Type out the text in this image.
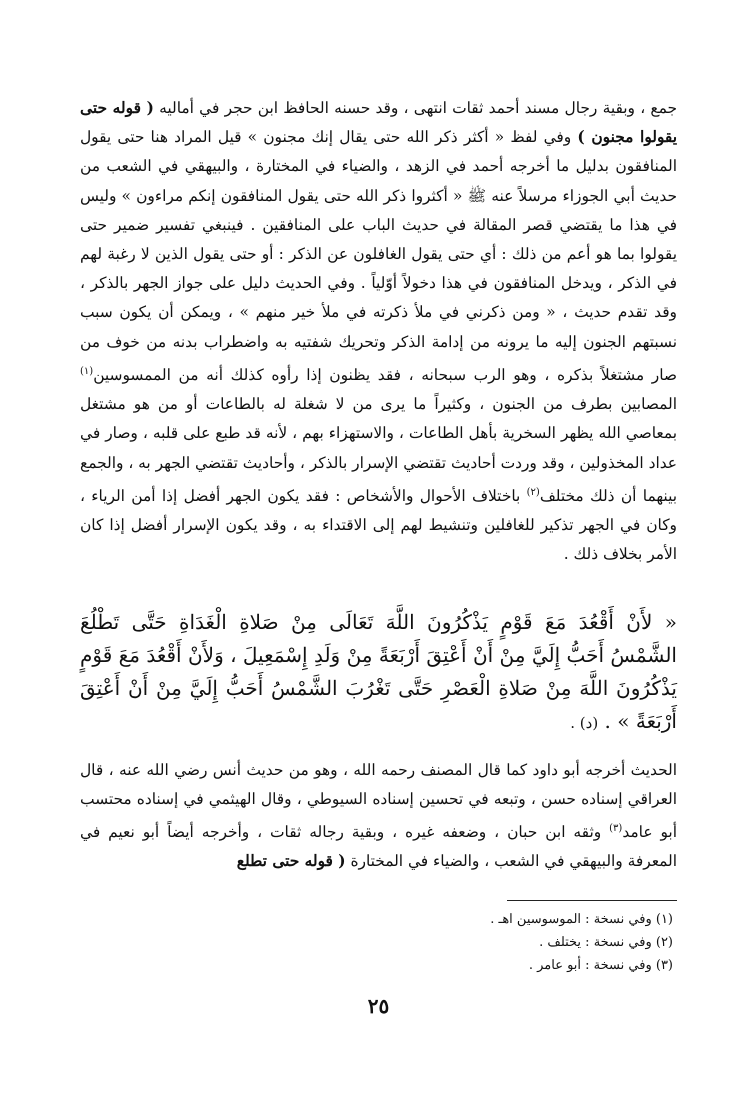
جمع ، وبقية رجال مسند أحمد ثقات انتهى ، وقد حسنه الحافظ ابن حجر في أماليه ( قوله حتى يقولوا مجنون ) وفي لفظ « أكثر ذكر الله حتى يقال إنك مجنون » قيل المراد هنا حتى يقول المنافقون بدليل ما أخرجه أحمد في الزهد ، والضياء في المختارة ، والبيهقي في الشعب من حديث أبي الجوزاء مرسلاً عنه ﷺ « أكثروا ذكر الله حتى يقول المنافقون إنكم مراءون » وليس في هذا ما يقتضي قصر المقالة في حديث الباب على المنافقين . فينبغي تفسير ضمير حتى يقولوا بما هو أعم من ذلك : أي حتى يقول الغافلون عن الذكر : أو حتى يقول الذين لا رغبة لهم في الذكر ، ويدخل المنافقون في هذا دخولاً أوّلياً . وفي الحديث دليل على جواز الجهر بالذكر ، وقد تقدم حديث ، « ومن ذكرني في ملأ ذكرته في ملأ خير منهم » ، ويمكن أن يكون سبب نسبتهم الجنون إليه ما يرونه من إدامة الذكر وتحريك شفتيه به واضطراب بدنه من خوف من صار مشتغلاً بذكره ، وهو الرب سبحانه ، فقد يظنون إذا رأوه كذلك أنه من الممسوسين$^{(١)}$ المصابين بطرف من الجنون ، وكثيراً ما يرى من لا شغلة له بالطاعات أو من هو مشتغل بمعاصي الله يظهر السخرية بأهل الطاعات ، والاستهزاء بهم ، لأنه قد طبع على قلبه ، وصار في عداد المخذولين ، وقد وردت أحاديث تقتضي الإسرار بالذكر ، وأحاديث تقتضي الجهر به ، والجمع بينهما أن ذلك مختلف$^{(٢)}$ باختلاف الأحوال والأشخاص : فقد يكون الجهر أفضل إذا أمن الرياء ، وكان في الجهر تذكير للغافلين وتنشيط لهم إلى الاقتداء به ، وقد يكون الإسرار أفضل إذا كان الأمر بخلاف ذلك .

« لأَنْ أَقْعُدَ مَعَ قَوْمٍ يَذْكُرُونَ اللَّهَ تَعَالَى مِنْ صَلاةِ الْغَدَاةِ حَتَّى تَطْلُعَ الشَّمْسُ أَحَبُّ إِلَيَّ مِنْ أَنْ أَعْتِقَ أَرْبَعَةً مِنْ وَلَدِ إِسْمَعِيلَ ، وَلأَنْ أَقْعُدَ مَعَ قَوْمٍ يَذْكُرُونَ اللَّهَ مِنْ صَلاةِ الْعَصْرِ حَتَّى تَغْرُبَ الشَّمْسُ أَحَبُّ إِلَيَّ مِنْ أَنْ أَعْتِقَ أَرْبَعَةً » . (د) .

الحديث أخرجه أبو داود كما قال المصنف رحمه الله ، وهو من حديث أنس رضي الله عنه ، قال العراقي إسناده حسن ، وتبعه في تحسين إسناده السيوطي ، وقال الهيثمي في إسناده محتسب أبو عامد$^{(٣)}$ وثقه ابن حبان ، وضعفه غيره ، وبقية رجاله ثقات ، وأخرجه أيضاً أبو نعيم في المعرفة والبيهقي في الشعب ، والضياء في المختارة ( قوله حتى تطلع

(١) وفي نسخة : الموسوسين اهـ .
(٢) وفي نسخة : يختلف .
(٣) وفي نسخة : أبو عامر .
٢٥
